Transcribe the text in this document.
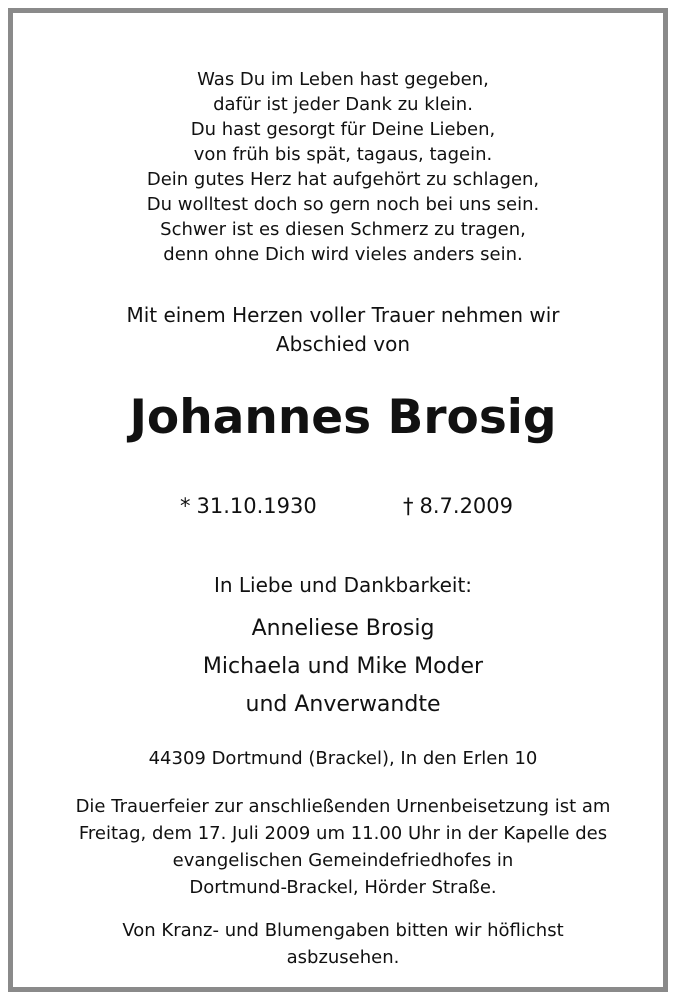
Was Du im Leben hast gegeben,
dafür ist jeder Dank zu klein.
Du hast gesorgt für Deine Lieben,
von früh bis spät, tagaus, tagein.
Dein gutes Herz hat aufgehört zu schlagen,
Du wolltest doch so gern noch bei uns sein.
Schwer ist es diesen Schmerz zu tragen,
denn ohne Dich wird vieles anders sein.
Mit einem Herzen voller Trauer nehmen wir
Abschied von
Johannes Brosig
* 31.10.1930	† 8.7.2009
In Liebe und Dankbarkeit:
Anneliese Brosig
Michaela und Mike Moder
und Anverwandte
44309 Dortmund (Brackel), In den Erlen 10
Die Trauerfeier zur anschließenden Urnenbeisetzung ist am
Freitag, dem 17. Juli 2009 um 11.00 Uhr in der Kapelle des
evangelischen Gemeindefriedhofes in
Dortmund-Brackel, Hörder Straße.
Von Kranz- und Blumengaben bitten wir höflichst
asbzusehen.
